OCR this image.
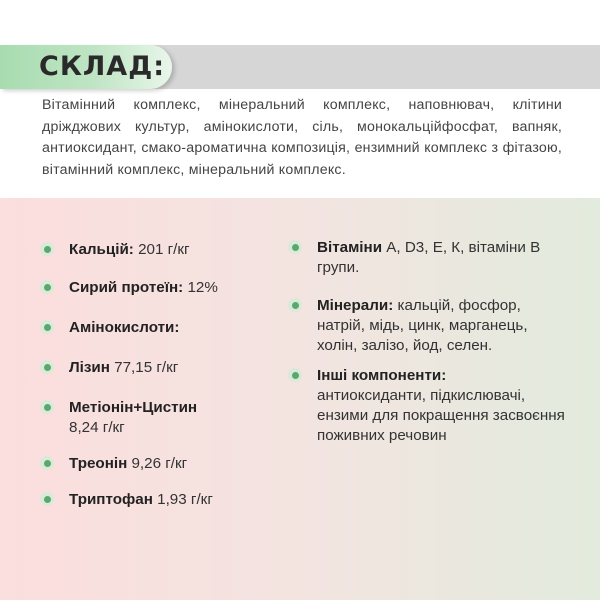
СКЛАД:
Вітамінний комплекс, мінеральний комплекс, наповнювач, клітини дріжджових культур, амінокислоти, сіль, монокальційфосфат, вапняк, антиоксидант, смако-ароматична композиція, ензимний комплекс з фітазою, вітамінний комплекс, мінеральний комплекс.
Кальцій: 201 г/кг
Сирий протеїн: 12%
Амінокислоти:
Лізин 77,15 г/кг
Метіонін+Цистин
8,24 г/кг
Треонін 9,26 г/кг
Триптофан 1,93 г/кг
Вітаміни А, D3, Е, К, вітаміни В групи.
Мінерали: кальцій, фосфор, натрій, мідь, цинк, марганець, холін, залізо, йод, селен.
Інші компоненти:
антиоксиданти, підкислювачі, ензими для покращення засвоєння поживних речовин
